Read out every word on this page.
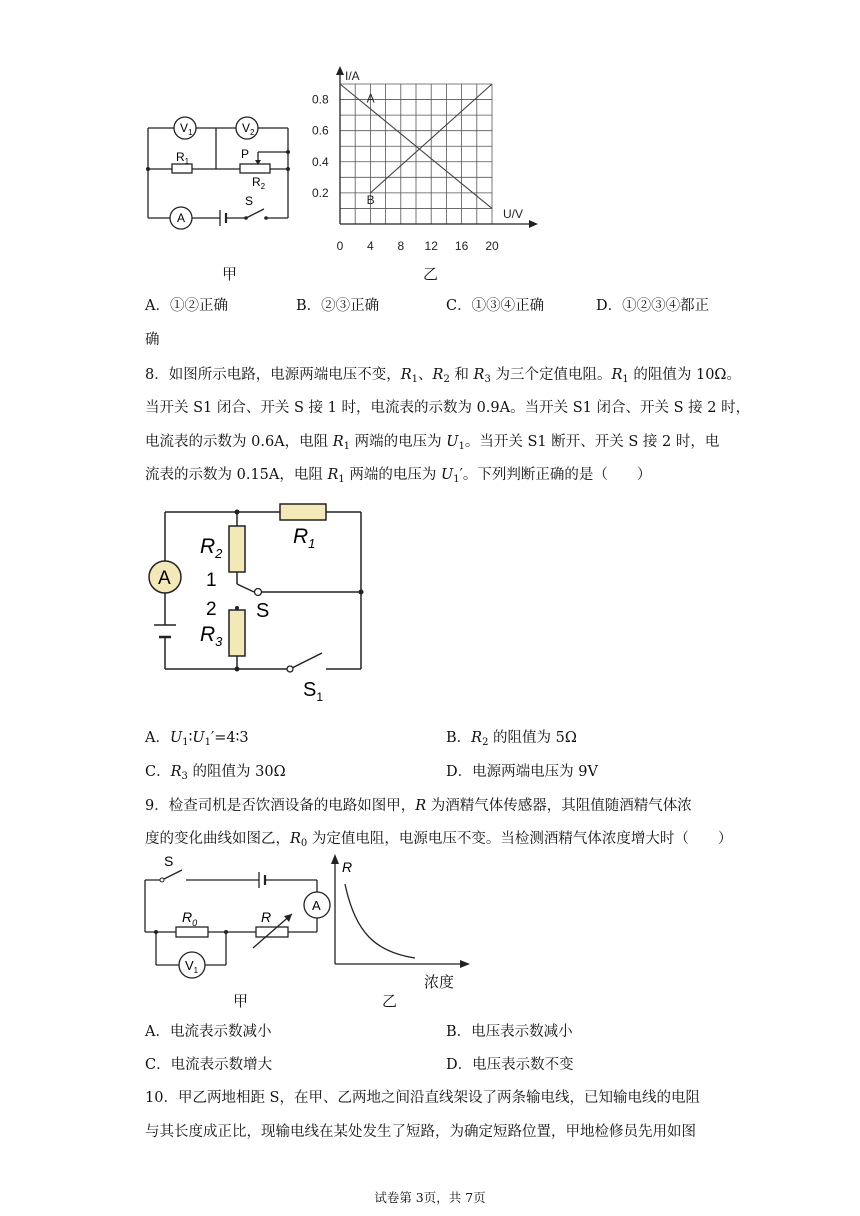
$V_1$	$V_2$
$R_1$
P
$R_2$
A
S
甲
I/A
U/V
0.2
0.4
0.6
0.8
0 4 8 12 16 20
A
B
乙
A．①②正确	B．②③正确	C．①③④正确	D．①②③④都正
确
8．如图所示电路，电源两端电压不变，$R_1$、$R_2$ 和 $R_3$ 为三个定值电阻。$R_1$ 的阻值为 10Ω。
当开关 S1 闭合、开关 S 接 1 时，电流表的示数为 0.9A。当开关 S1 闭合、开关 S 接 2 时，
电流表的示数为 0.6A，电阻 $R_1$ 两端的电压为 $U_1$。当开关 S1 断开、开关 S 接 2 时，电
流表的示数为 0.15A，电阻 $R_1$ 两端的电压为 $U_1'$。下列判断正确的是（　　）
A
$R_2$
$R_1$
$R_3$
1
2 S
$S_1$
A．$U_1∶U_1'=4∶3$	B．$R_2$ 的阻值为 5Ω
C．$R_3$ 的阻值为 30Ω	D．电源两端电压为 9V
9．检查司机是否饮酒设备的电路如图甲，R 为酒精气体传感器，其阻值随酒精气体浓
度的变化曲线如图乙，$R_0$ 为定值电阻，电源电压不变。当检测酒精气体浓度增大时（　　）
S
$R_0$	R
A
$V_1$
甲
R
浓度
乙
A．电流表示数减小	B．电压表示数减小
C．电流表示数增大	D．电压表示数不变
10．甲乙两地相距 S，在甲、乙两地之间沿直线架设了两条输电线，已知输电线的电阻
与其长度成正比，现输电线在某处发生了短路，为确定短路位置，甲地检修员先用如图
试卷第 3页，共 7页
